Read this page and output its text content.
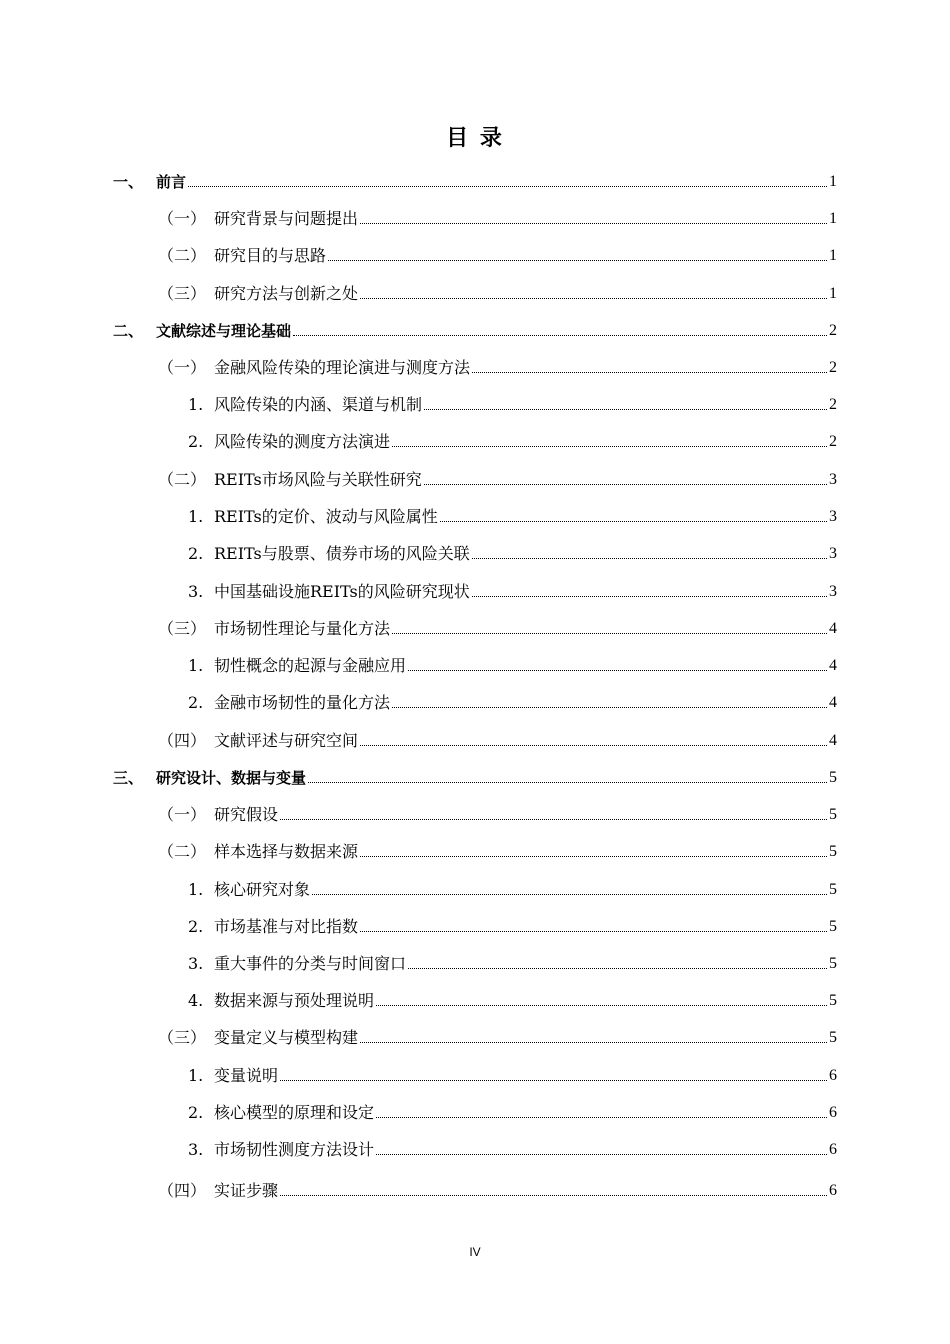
目 录
一、 前言	1
（一） 研究背景与问题提出	1
（二） 研究目的与思路	1
（三） 研究方法与创新之处	1
二、 文献综述与理论基础	2
（一） 金融风险传染的理论演进与测度方法	2
1. 风险传染的内涵、渠道与机制	2
2. 风险传染的测度方法演进	2
（二） REITs市场风险与关联性研究	3
1. REITs的定价、波动与风险属性	3
2. REITs与股票、债券市场的风险关联	3
3. 中国基础设施REITs的风险研究现状	3
（三） 市场韧性理论与量化方法	4
1. 韧性概念的起源与金融应用	4
2. 金融市场韧性的量化方法	4
（四） 文献评述与研究空间	4
三、 研究设计、数据与变量	5
（一） 研究假设	5
（二） 样本选择与数据来源	5
1. 核心研究对象	5
2. 市场基准与对比指数	5
3. 重大事件的分类与时间窗口	5
4. 数据来源与预处理说明	5
（三） 变量定义与模型构建	5
1. 变量说明	6
2. 核心模型的原理和设定	6
3. 市场韧性测度方法设计	6
（四） 实证步骤	6
IV
